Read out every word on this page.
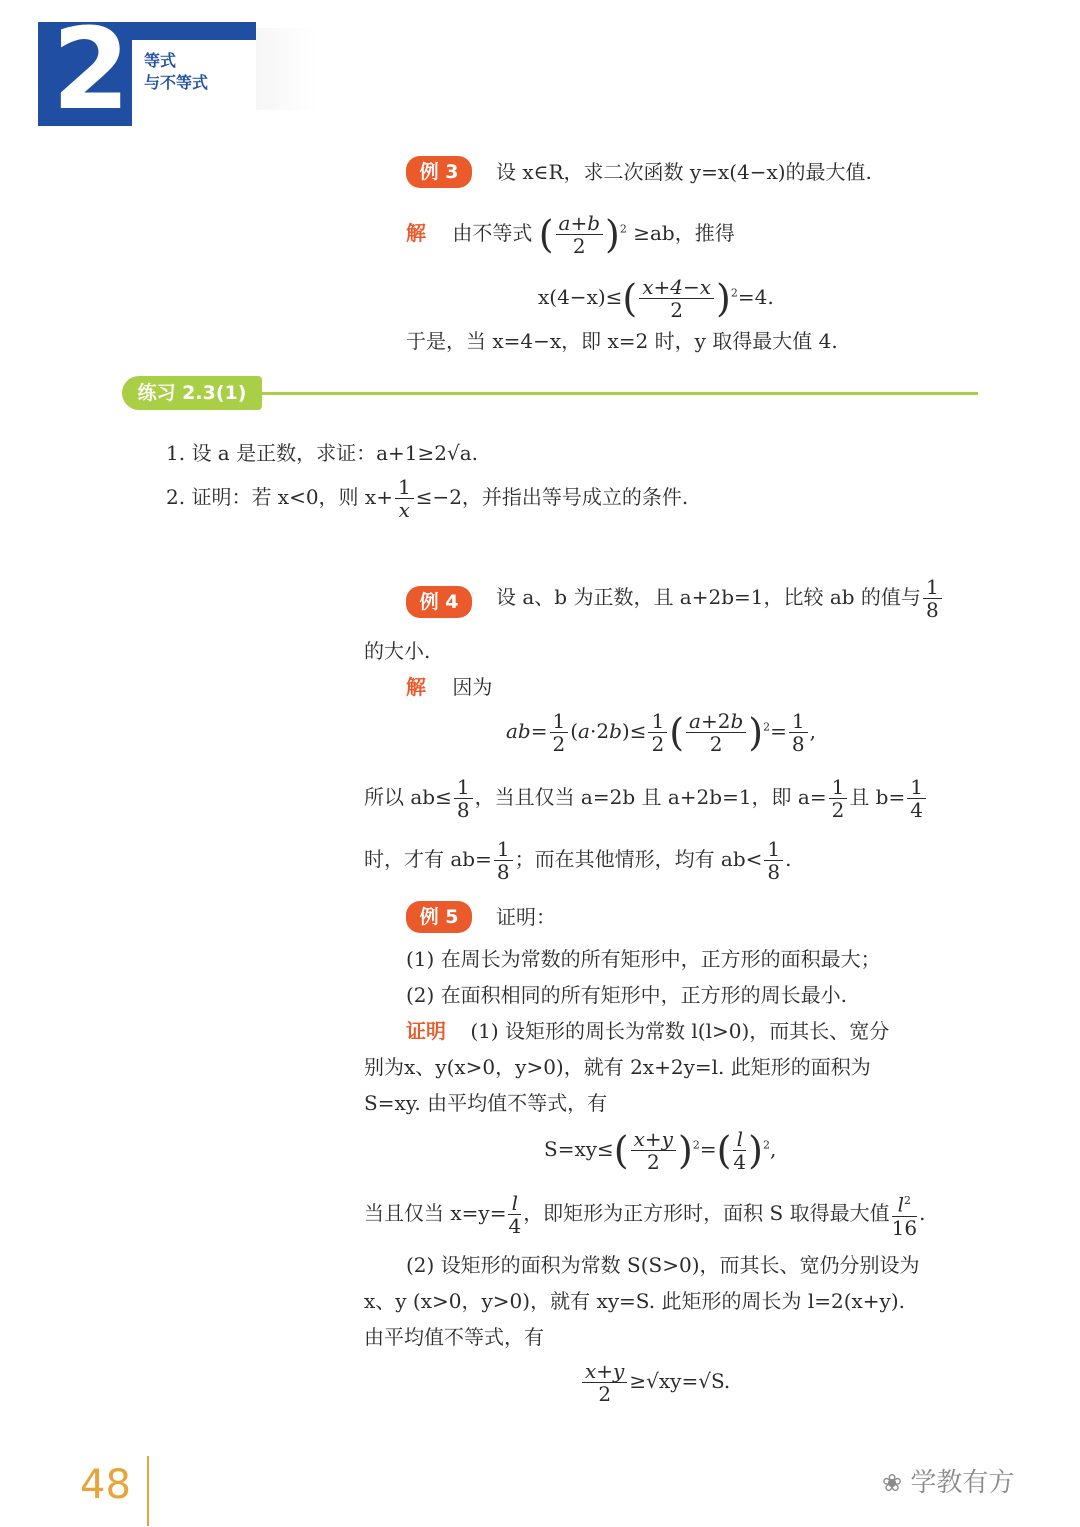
2 等式
与不等式
例 3	设 x∈R，求二次函数 y=x(4−x)的最大值.
解 由不等式 ( $\frac{a+b}{2} )^2 \ge ab$，推得
$x(4-x)\le( \frac{x+4-x}{2} )^2=4$.
于是，当 x=4−x，即 x=2 时，y 取得最大值 4.
练习 2.3(1)
1. 设 a 是正数，求证：a+1≥2√a.
2. 证明：若 x<0，则 $x+ \frac{1}{x} \le-2$，并指出等号成立的条件.
例 4	设 a、b 为正数，且 a+2b=1，比较 ab 的值与 $\frac{1}{8}$
的大小.
解 因为
$ab= \frac{1}{2} (a\cdot 2b)\le \frac{1}{2}$ ( $\frac{a+2b}{2} )^2= \frac{1}{8}$ ,
所以 $ab\le \frac{1}{8}$ ，当且仅当 a=2b 且 a+2b=1，即 $a= \frac{1}{2}$ 且 $b= \frac{1}{4}$
时，才有 $ab= \frac{1}{8}$ ；而在其他情形，均有 $ab< \frac{1}{8}$ .
例 5	证明：
(1) 在周长为常数的所有矩形中，正方形的面积最大；
(2) 在面积相同的所有矩形中，正方形的周长最小.
证明 (1) 设矩形的周长为常数 l(l>0)，而其长、宽分
别为x、y(x>0，y>0)，就有 2x+2y=l. 此矩形的面积为
S=xy. 由平均值不等式，有
$S=xy\le( \frac{x+y}{2} )^2=( \frac{l}{4} )^2$,
当且仅当 $x=y= \frac{l}{4}$ ，即矩形为正方形时，面积 S 取得最大值 $\frac{l^2}{16}$ .
(2) 设矩形的面积为常数 S(S>0)，而其长、宽仍分别设为
x、y (x>0，y>0)，就有 xy=S. 此矩形的周长为 l=2(x+y).
由平均值不等式，有
$\frac{x+y}{2} \ge√xy=√S$.
48	❀ 学教有方
